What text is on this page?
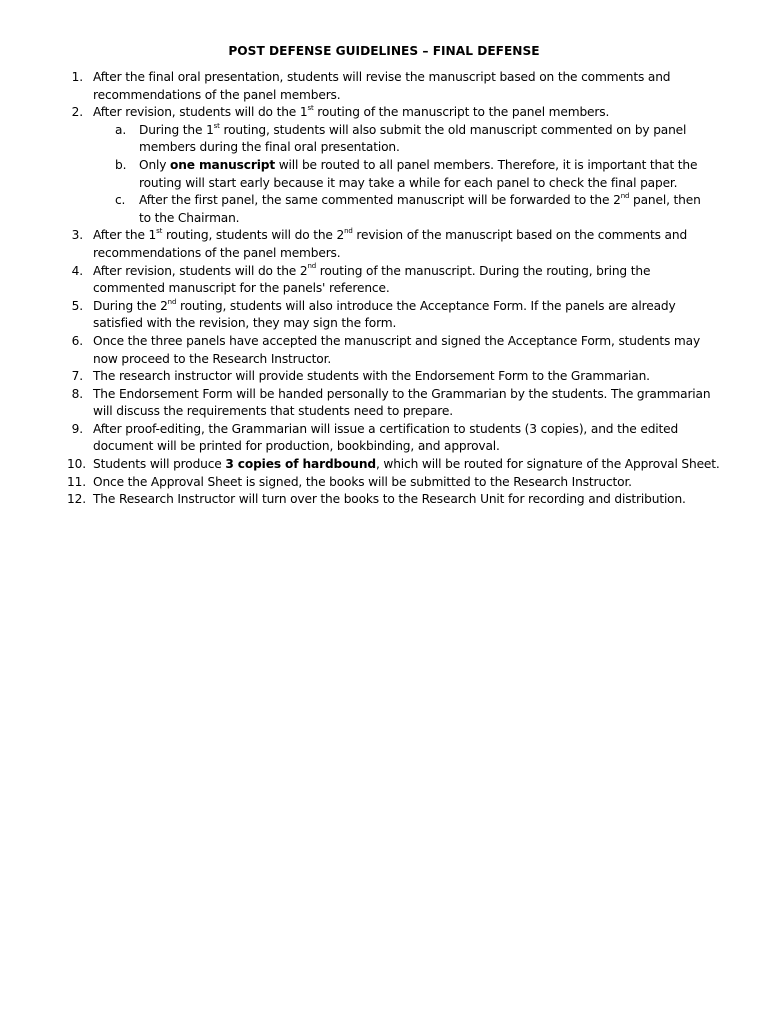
POST DEFENSE GUIDELINES – FINAL DEFENSE
1. After the final oral presentation, students will revise the manuscript based on the comments and recommendations of the panel members.
2. After revision, students will do the 1st routing of the manuscript to the panel members.
a. During the 1st routing, students will also submit the old manuscript commented on by panel members during the final oral presentation.
b. Only one manuscript will be routed to all panel members. Therefore, it is important that the routing will start early because it may take a while for each panel to check the final paper.
c. After the first panel, the same commented manuscript will be forwarded to the 2nd panel, then to the Chairman.
3. After the 1st routing, students will do the 2nd revision of the manuscript based on the comments and recommendations of the panel members.
4. After revision, students will do the 2nd routing of the manuscript. During the routing, bring the commented manuscript for the panels' reference.
5. During the 2nd routing, students will also introduce the Acceptance Form. If the panels are already satisfied with the revision, they may sign the form.
6. Once the three panels have accepted the manuscript and signed the Acceptance Form, students may now proceed to the Research Instructor.
7. The research instructor will provide students with the Endorsement Form to the Grammarian.
8. The Endorsement Form will be handed personally to the Grammarian by the students. The grammarian will discuss the requirements that students need to prepare.
9. After proof-editing, the Grammarian will issue a certification to students (3 copies), and the edited document will be printed for production, bookbinding, and approval.
10. Students will produce 3 copies of hardbound, which will be routed for signature of the Approval Sheet.
11. Once the Approval Sheet is signed, the books will be submitted to the Research Instructor.
12. The Research Instructor will turn over the books to the Research Unit for recording and distribution.
